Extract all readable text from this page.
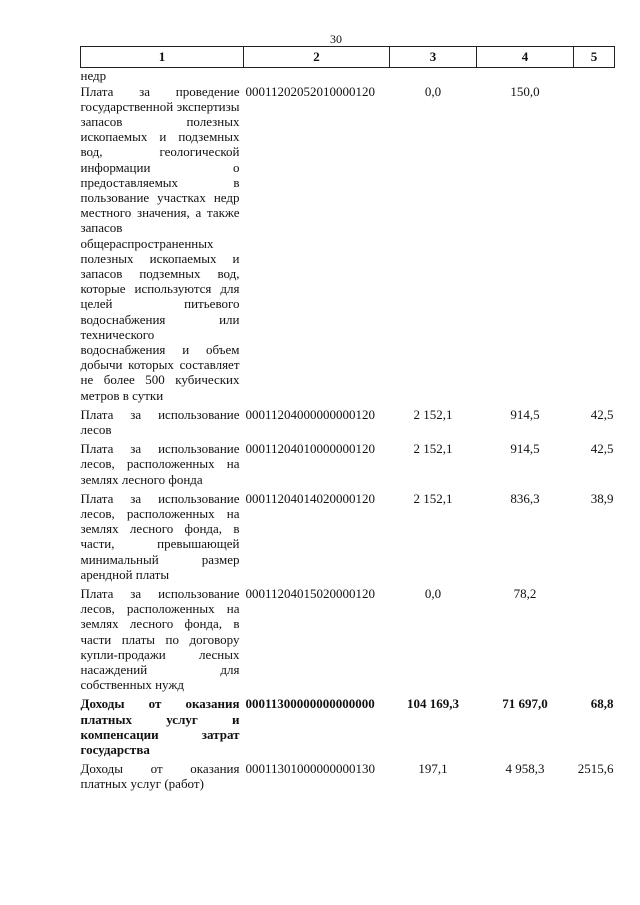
30
1	2	3	4	5
недр				
Плата за проведение государственной экспертизы запасов полезных ископаемых и подземных вод, геологической информации о предоставляемых в пользование участках недр местного значения, а также запасов общераспространенных полезных ископаемых и запасов подземных вод, которые используются для целей питьевого водоснабжения или технического водоснабжения и объем добычи которых составляет не более 500 кубических метров в сутки	00011202052010000120	0,0	150,0	
Плата за использование лесов	00011204000000000120	2 152,1	914,5	42,5
Плата за использование лесов, расположенных на землях лесного фонда	00011204010000000120	2 152,1	914,5	42,5
Плата за использование лесов, расположенных на землях лесного фонда, в части, превышающей минимальный размер арендной платы	00011204014020000120	2 152,1	836,3	38,9
Плата за использование лесов, расположенных на землях лесного фонда, в части платы по договору купли-продажи лесных насаждений для собственных нужд	00011204015020000120	0,0	78,2	
Доходы от оказания платных услуг и компенсации затрат государства	00011300000000000000	104 169,3	71 697,0	68,8
Доходы от оказания платных услуг (работ)	00011301000000000130	197,1	4 958,3	2515,6
